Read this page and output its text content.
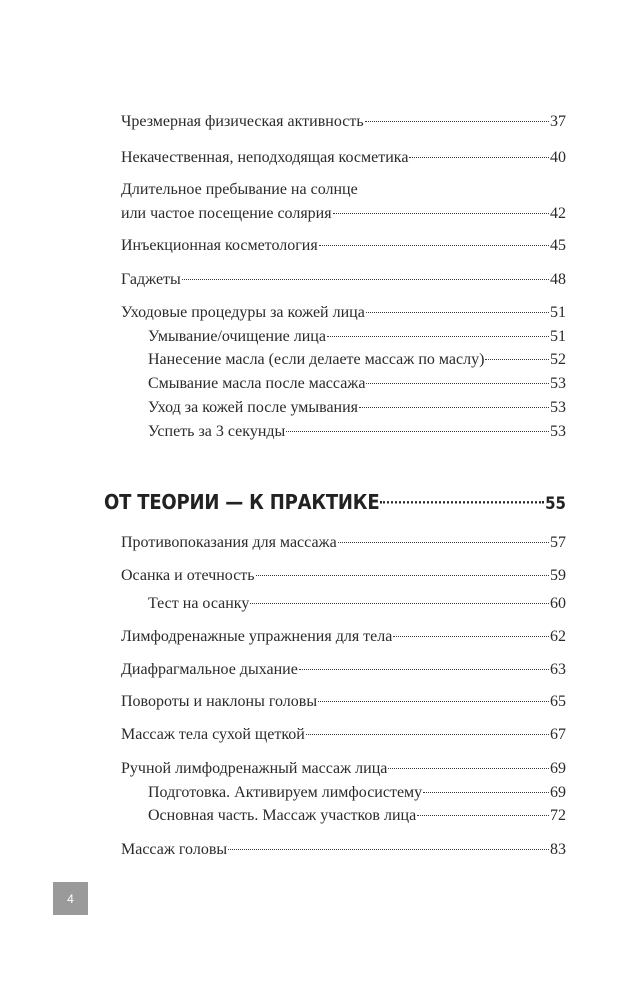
Чрезмерная физическая активность	37
Некачественная, неподходящая косметика	40
Длительное пребывание на солнце
или частое посещение солярия	42
Инъекционная косметология	45
Гаджеты	48
Уходовые процедуры за кожей лица	51
Умывание/очищение лица	51
Нанесение масла (если делаете массаж по маслу)	52
Смывание масла после массажа	53
Уход за кожей после умывания	53
Успеть за 3 секунды	53
ОТ ТЕОРИИ — К ПРАКТИКЕ	55
Противопоказания для массажа	57
Осанка и отечность	59
Тест на осанку	60
Лимфодренажные упражнения для тела	62
Диафрагмальное дыхание	63
Повороты и наклоны головы	65
Массаж тела сухой щеткой	67
Ручной лимфодренажный массаж лица	69
Подготовка. Активируем лимфосистему	69
Основная часть. Массаж участков лица	72
Массаж головы	83
4
